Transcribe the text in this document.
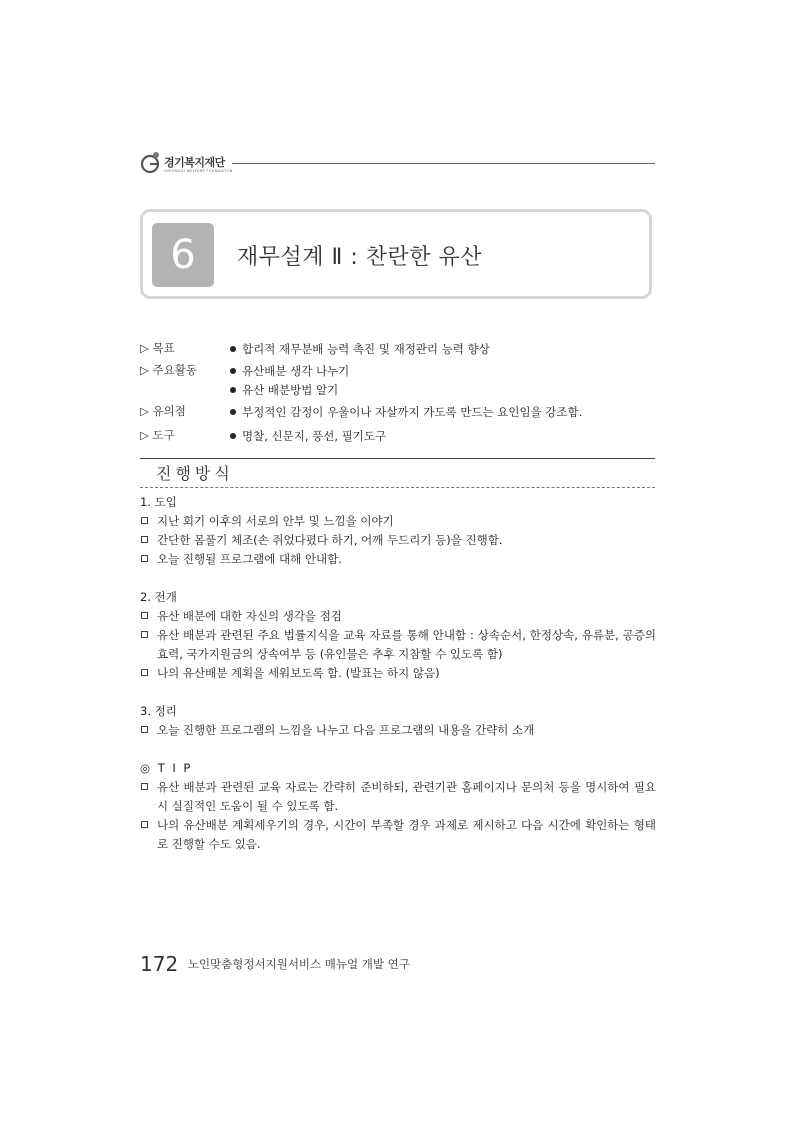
경기복지재단
GYEONGGI WELFARE FOUNDATION
6	재무설계 Ⅱ : 찬란한 유산
▷ 목표	합리적 재무분배 능력 촉진 및 재정관리 능력 향상
▷ 주요활동	유산배분 생각 나누기
유산 배분방법 알기
▷ 유의점	부정적인 감정이 우울이나 자살까지 가도록 만드는 요인임을 강조함.
▷ 도구	명찰, 신문지, 풍선, 필기도구
진행방식
1. 도입
지난 회기 이후의 서로의 안부 및 느낌을 이야기
간단한 몸풀기 체조(손 쥐었다폈다 하기, 어깨 두드리기 등)을 진행함.
오늘 진행될 프로그램에 대해 안내함.
2. 전개
유산 배분에 대한 자신의 생각을 점검
유산 배분과 관련된 주요 법률지식을 교육 자료를 통해 안내함 : 상속순서, 한정상속, 유류분, 공증의 효력, 국가지원금의 상속여부 등 (유인물은 추후 지참할 수 있도록 함)
나의 유산배분 계획을 세워보도록 함. (발표는 하지 않음)
3. 정리
오늘 진행한 프로그램의 느낌을 나누고 다음 프로그램의 내용을 간략히 소개
◎ T I P
유산 배분과 관련된 교육 자료는 간략히 준비하되, 관련기관 홈페이지나 문의처 등을 명시하여 필요시 실질적인 도움이 될 수 있도록 함.
나의 유산배분 계획세우기의 경우, 시간이 부족할 경우 과제로 제시하고 다음 시간에 확인하는 형태로 진행할 수도 있음.
172 노인맞춤형정서지원서비스 매뉴얼 개발 연구
